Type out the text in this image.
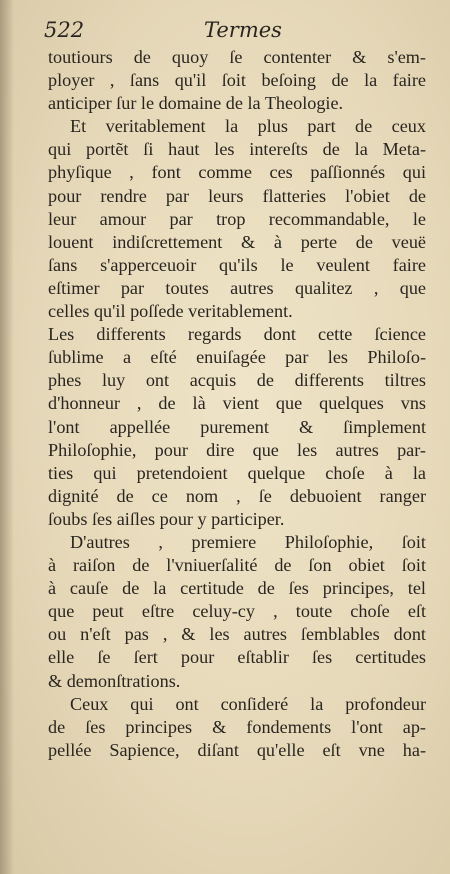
522	Termes
toutiours de quoy ſe contenter & s'em-
ployer , ſans qu'il ſoit beſoing de la faire
anticiper ſur le domaine de la Theologie.
Et veritablement la plus part de ceux
qui portẽt ſi haut les intereſts de la Meta-
phyſique , font comme ces paſſionnés qui
pour rendre par leurs flatteries l'obiet de
leur amour par trop recommandable, le
louent indiſcrettement & à perte de veuë
ſans s'apperceuoir qu'ils le veulent faire
eſtimer par toutes autres qualitez , que
celles qu'il poſſede veritablement.
Les differents regards dont cette ſcience
ſublime a eſté enuiſagée par les Philoſo-
phes luy ont acquis de differents tiltres
d'honneur , de là vient que quelques vns
l'ont appellée purement & ſimplement
Philoſophie, pour dire que les autres par-
ties qui pretendoient quelque choſe à la
dignité de ce nom , ſe debuoient ranger
ſoubs ſes aiſles pour y participer.
D'autres , premiere Philoſophie, ſoit
à raiſon de l'vniuerſalité de ſon obiet ſoit
à cauſe de la certitude de ſes principes, tel
que peut eſtre celuy-cy , toute choſe eſt
ou n'eſt pas , & les autres ſemblables dont
elle ſe ſert pour eſtablir ſes certitudes
& demonſtrations.
Ceux qui ont conſideré la profondeur
de ſes principes & fondements l'ont ap-
pellée Sapience, diſant qu'elle eſt vne ha-
